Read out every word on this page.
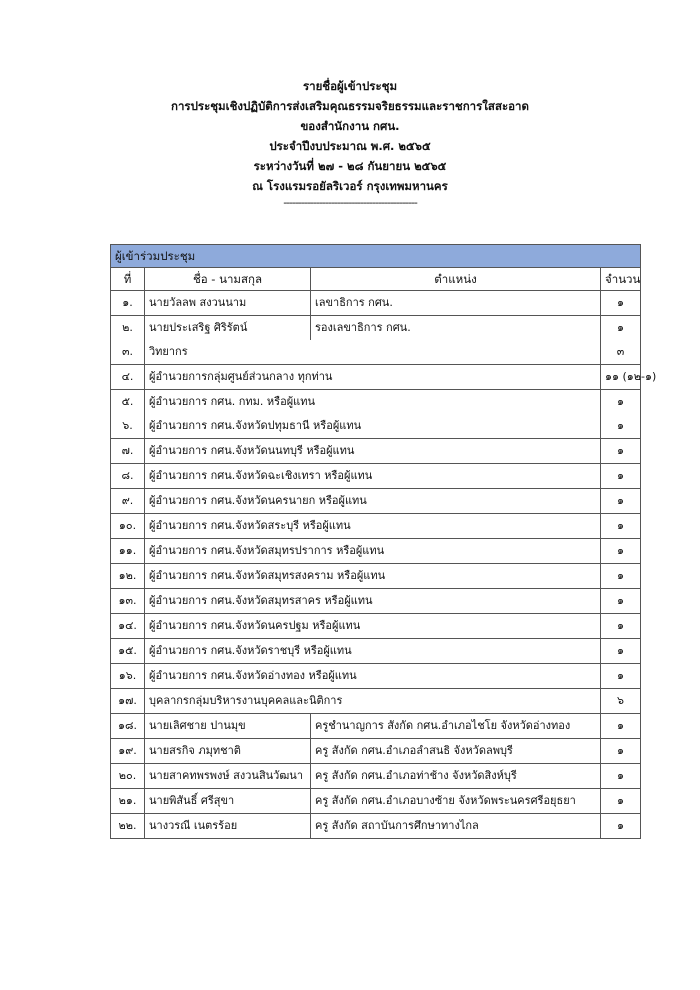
รายชื่อผู้เข้าประชุม
การประชุมเชิงปฏิบัติการส่งเสริมคุณธรรมจริยธรรมและราชการใสสะอาด
ของสำนักงาน กศน.
ประจำปีงบประมาณ พ.ศ. ๒๕๖๕
ระหว่างวันที่ ๒๗ - ๒๘ กันยายน ๒๕๖๕
ณ โรงแรมรอยัลริเวอร์ กรุงเทพมหานคร
---------------------------------------------
ผู้เข้าร่วมประชุม			
ที่	ชื่อ - นามสกุล	ตำแหน่ง	จำนวน
๑.	นายวัลลพ สงวนนาม	เลขาธิการ กศน.	๑
๒.	นายประเสริฐ ศิริรัตน์	รองเลขาธิการ กศน.	๑
๓.	วิทยากร		๓
๔.	ผู้อำนวยการกลุ่มศูนย์ส่วนกลาง ทุกท่าน		๑๑ (๑๒-๑)
๕.	ผู้อำนวยการ กศน. กทม. หรือผู้แทน		๑
๖.	ผู้อำนวยการ กศน.จังหวัดปทุมธานี หรือผู้แทน		๑
๗.	ผู้อำนวยการ กศน.จังหวัดนนทบุรี หรือผู้แทน		๑
๘.	ผู้อำนวยการ กศน.จังหวัดฉะเชิงเทรา หรือผู้แทน		๑
๙.	ผู้อำนวยการ กศน.จังหวัดนครนายก หรือผู้แทน		๑
๑๐.	ผู้อำนวยการ กศน.จังหวัดสระบุรี หรือผู้แทน		๑
๑๑.	ผู้อำนวยการ กศน.จังหวัดสมุทรปราการ หรือผู้แทน		๑
๑๒.	ผู้อำนวยการ กศน.จังหวัดสมุทรสงคราม หรือผู้แทน		๑
๑๓.	ผู้อำนวยการ กศน.จังหวัดสมุทรสาคร หรือผู้แทน		๑
๑๔.	ผู้อำนวยการ กศน.จังหวัดนครปฐม หรือผู้แทน		๑
๑๕.	ผู้อำนวยการ กศน.จังหวัดราชบุรี หรือผู้แทน		๑
๑๖.	ผู้อำนวยการ กศน.จังหวัดอ่างทอง หรือผู้แทน		๑
๑๗.	บุคลากรกลุ่มบริหารงานบุคคลและนิติการ		๖
๑๘.	นายเลิศชาย ปานมุข	ครูชำนาญการ สังกัด กศน.อำเภอไชโย จังหวัดอ่างทอง	๑
๑๙.	นายสรกิจ ภมุทชาติ	ครู สังกัด กศน.อำเภอลำสนธิ จังหวัดลพบุรี	๑
๒๐.	นายสาคทพรพงษ์ สงวนสินวัฒนา	ครู สังกัด กศน.อำเภอท่าช้าง จังหวัดสิงห์บุรี	๑
๒๑.	นายพิสันธิ์ ศรีสุขา	ครู สังกัด กศน.อำเภอบางซ้าย จังหวัดพระนครศรีอยุธยา	๑
๒๒.	นางวรณี เนตรร้อย	ครู สังกัด สถาบันการศึกษาทางไกล	๑
